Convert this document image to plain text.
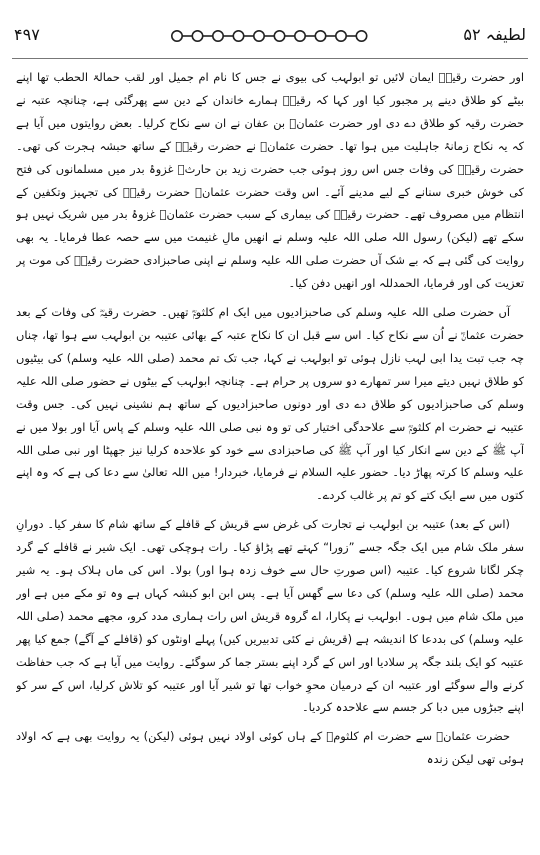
۴۹۷	لطیفہ ۵۲

اور حضرت رقیہؓ ایمان لائیں تو ابولہب کی بیوی نے جس کا نام ام جمیل اور لقب حمالۃ الحطب تھا اپنے بیٹے کو طلاق دینے پر مجبور کیا اور کہا کہ رقیہؓ ہمارے خاندان کے دین سے پھرگئی ہے، چنانچہ عتبہ نے حضرت رقیہ کو طلاق دے دی اور حضرت عثمانؓ بن عفان نے ان سے نکاح کرلیا۔ بعض روایتوں میں آیا ہے کہ یہ نکاح زمانۂ جاہلیت میں ہوا تھا۔ حضرت عثمانؓ نے حضرت رقیہؓ کے ساتھ حبشہ ہجرت کی تھی۔ حضرت رقیہؓ کی وفات جس اس روز ہوئی جب حضرت زید بن حارثؓ غزوۂ بدر میں مسلمانوں کی فتح کی خوش خبری سنانے کے لیے مدینے آئے۔ اس وقت حضرت عثمانؓ حضرت رقیہؓ کی تجہیز وتکفین کے انتظام میں مصروف تھے۔ حضرت رقیہؓ کی بیماری کے سبب حضرت عثمانؓ غزوۂ بدر میں شریک نہیں ہو سکے تھے (لیکن) رسول اللہ صلی اللہ علیہ وسلم نے انھیں مالِ غنیمت میں سے حصہ عطا فرمایا۔ یہ بھی روایت کی گئی ہے کہ بے شک آں حضرت صلی اللہ علیہ وسلم نے اپنی صاحبزادی حضرت رقیہؓ کی موت پر تعزیت کی اور فرمایا، الحمدللہ اور انھیں دفن کیا۔

آں حضرت صلی اللہ علیہ وسلم کی صاحبزادیوں میں ایک ام کلثومؓ تھیں۔ حضرت رقیہؓ کی وفات کے بعد حضرت عثمانؓ نے اُن سے نکاح کیا۔ اس سے قبل ان کا نکاح عتبہ کے بھائی عتیبہ بن ابولہب سے ہوا تھا، چناں چہ جب تبت یدا ابی لہب نازل ہوئی تو ابولہب نے کہا، جب تک تم محمد (صلی اللہ علیہ وسلم) کی بیٹیوں کو طلاق نہیں دیتے میرا سر تمھارے دو سروں پر حرام ہے۔ چنانچہ ابولہب کے بیٹوں نے حضور صلی اللہ علیہ وسلم کی صاحبزادیوں کو طلاق دے دی اور دونوں صاحبزادیوں کے ساتھ ہم نشینی نہیں کی۔ جس وقت عتیبہ نے حضرت ام کلثومؓ سے علاحدگی اختیار کی تو وہ نبی صلی اللہ علیہ وسلم کے پاس آیا اور بولا میں نے آپ ﷺ کے دین سے انکار کیا اور آپ ﷺ کی صاحبزادی سے خود کو علاحدہ کرلیا نیز جھپٹا اور نبی صلی اللہ علیہ وسلم کا کرتہ پھاڑ دیا۔ حضور علیہ السلام نے فرمایا، خبردار! میں اللہ تعالیٰ سے دعا کی ہے کہ وہ اپنے کتوں میں سے ایک کتے کو تم پر غالب کردے۔

(اس کے بعد) عتیبہ بن ابولہب نے تجارت کی غرض سے قریش کے قافلے کے ساتھ شام کا سفر کیا۔ دورانِ سفر ملک شام میں ایک جگہ جسے ”زورا“ کہتے تھے پڑاؤ کیا۔ رات ہوچکی تھی۔ ایک شیر نے قافلے کے گرد چکر لگانا شروع کیا۔ عتیبہ (اس صورتِ حال سے خوف زدہ ہوا اور) بولا۔ اس کی ماں ہلاک ہو۔ یہ شیر محمد (صلی اللہ علیہ وسلم) کی دعا سے گھس آیا ہے۔ پس ابن ابو کبشہ کہاں ہے وہ تو مکے میں ہے اور میں ملک شام میں ہوں۔ ابولہب نے پکارا، اے گروہ قریش اس رات ہماری مدد کرو، مجھے محمد (صلی اللہ علیہ وسلم) کی بددعا کا اندیشہ ہے (قریش نے کئی تدبیریں کیں) پہلے اونٹوں کو (قافلے کے آگے) جمع کیا پھر عتیبہ کو ایک بلند جگہ پر سلادیا اور اس کے گرد اپنے بستر جما کر سوگئے۔ روایت میں آیا ہے کہ جب حفاظت کرنے والے سوگئے اور عتیبہ ان کے درمیان محوِ خواب تھا تو شیر آیا اور عتیبہ کو تلاش کرلیا، اس کے سر کو اپنے جبڑوں میں دبا کر جسم سے علاحدہ کردیا۔

حضرت عثمانؓ سے حضرت ام کلثومؓ کے ہاں کوئی اولاد نہیں ہوئی (لیکن) یہ روایت بھی ہے کہ اولاد ہوئی تھی لیکن زندہ
